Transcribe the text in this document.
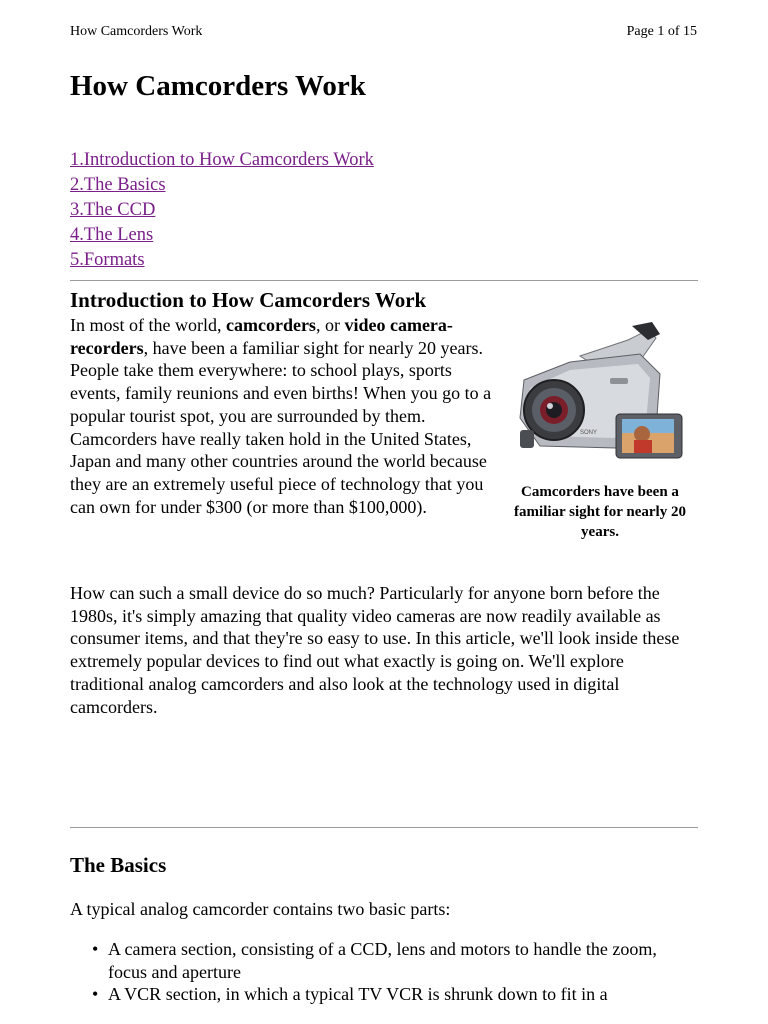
How Camcorders Work	Page 1 of 15
How Camcorders Work
1.Introduction to How Camcorders Work
2.The Basics
3.The CCD
4.The Lens
5.Formats
Introduction to How Camcorders Work
In most of the world, camcorders, or video camera-recorders, have been a familiar sight for nearly 20 years. People take them everywhere: to school plays, sports events, family reunions and even births! When you go to a popular tourist spot, you are surrounded by them. Camcorders have really taken hold in the United States, Japan and many other countries around the world because they are an extremely useful piece of technology that you can own for under $300 (or more than $100,000).
SONY
Camcorders have been a familiar sight for nearly 20 years.
How can such a small device do so much? Particularly for anyone born before the 1980s, it's simply amazing that quality video cameras are now readily available as consumer items, and that they're so easy to use. In this article, we'll look inside these extremely popular devices to find out what exactly is going on. We'll explore traditional analog camcorders and also look at the technology used in digital camcorders.
The Basics
A typical analog camcorder contains two basic parts:
• A camera section, consisting of a CCD, lens and motors to handle the zoom, focus and aperture
• A VCR section, in which a typical TV VCR is shrunk down to fit in a
